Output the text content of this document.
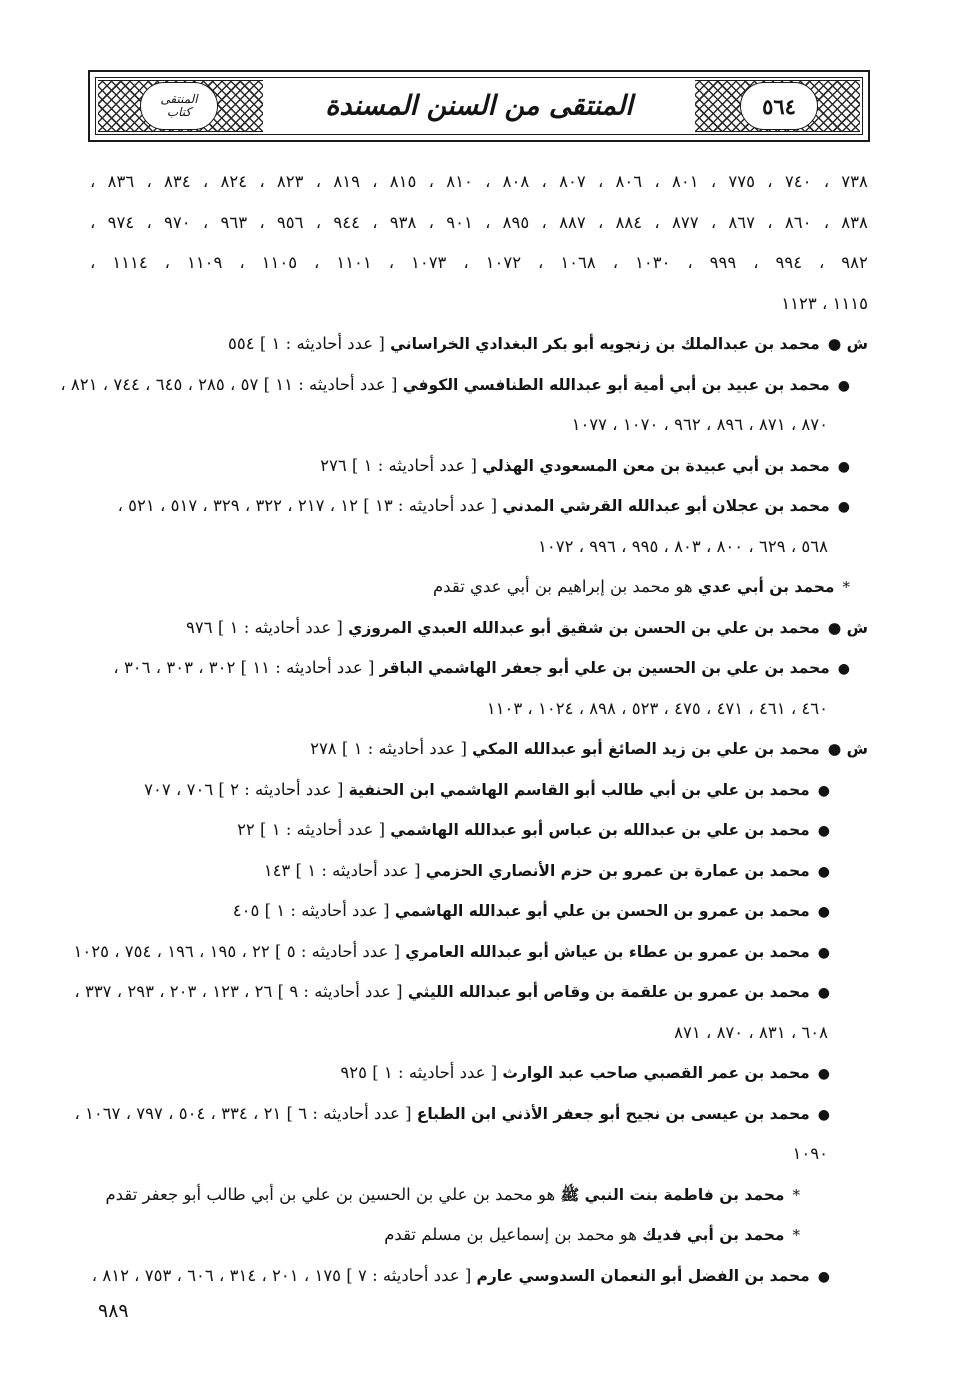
٥٦٤
المنتقى من السنن المسندة
المنتقى
كتاب
٧٣٨ ، ٧٤٠ ، ٧٧٥ ، ٨٠١ ، ٨٠٦ ، ٨٠٧ ، ٨٠٨ ، ٨١٠ ، ٨١٥ ، ٨١٩ ، ٨٢٣ ، ٨٢٤ ، ٨٣٤ ، ٨٣٦ ،
٨٣٨ ، ٨٦٠ ، ٨٦٧ ، ٨٧٧ ، ٨٨٤ ، ٨٨٧ ، ٨٩٥ ، ٩٠١ ، ٩٣٨ ، ٩٤٤ ، ٩٥٦ ، ٩٦٣ ، ٩٧٠ ، ٩٧٤ ،
٩٨٢ ، ٩٩٤ ، ٩٩٩ ، ١٠٣٠ ، ١٠٦٨ ، ١٠٧٢ ، ١٠٧٣ ، ١١٠١ ، ١١٠٥ ، ١١٠٩ ، ١١١٤ ،
١١١٥ ، ١١٢٣
ش ●محمد بن عبدالملك بن زنجويه أبو بكر البغدادي الخراساني [ عدد أحاديثه : ١ ] ٥٥٤
●محمد بن عبيد بن أبي أمية أبو عبدالله الطنافسي الكوفي [ عدد أحاديثه : ١١ ] ٥٧ ، ٢٨٥ ، ٦٤٥ ، ٧٤٤ ، ٨٢١ ،
٨٧٠ ، ٨٧١ ، ٨٩٦ ، ٩٦٢ ، ١٠٧٠ ، ١٠٧٧
●محمد بن أبي عبيدة بن معن المسعودي الهذلي [ عدد أحاديثه : ١ ] ٢٧٦
●محمد بن عجلان أبو عبدالله القرشي المدني [ عدد أحاديثه : ١٣ ] ١٢ ، ٢١٧ ، ٣٢٢ ، ٣٢٩ ، ٥١٧ ، ٥٢١ ،
٥٦٨ ، ٦٢٩ ، ٨٠٠ ، ٨٠٣ ، ٩٩٥ ، ٩٩٦ ، ١٠٧٢
*محمد بن أبي عدي هو محمد بن إبراهيم بن أبي عدي تقدم
ش ●محمد بن علي بن الحسن بن شقيق أبو عبدالله العبدي المروزي [ عدد أحاديثه : ١ ] ٩٧٦
●محمد بن علي بن الحسين بن علي أبو جعفر الهاشمي الباقر [ عدد أحاديثه : ١١ ] ٣٠٢ ، ٣٠٣ ، ٣٠٦ ،
٤٦٠ ، ٤٦١ ، ٤٧١ ، ٤٧٥ ، ٥٢٣ ، ٨٩٨ ، ١٠٢٤ ، ١١٠٣
ش ●محمد بن علي بن زيد الصائغ أبو عبدالله المكي [ عدد أحاديثه : ١ ] ٢٧٨
●محمد بن علي بن أبي طالب أبو القاسم الهاشمي ابن الحنفية [ عدد أحاديثه : ٢ ] ٧٠٦ ، ٧٠٧
●محمد بن علي بن عبدالله بن عباس أبو عبدالله الهاشمي [ عدد أحاديثه : ١ ] ٢٢
●محمد بن عمارة بن عمرو بن حزم الأنصاري الحزمي [ عدد أحاديثه : ١ ] ١٤٣
●محمد بن عمرو بن الحسن بن علي أبو عبدالله الهاشمي [ عدد أحاديثه : ١ ] ٤٠٥
●محمد بن عمرو بن عطاء بن عياش أبو عبدالله العامري [ عدد أحاديثه : ٥ ] ٢٢ ، ١٩٥ ، ١٩٦ ، ٧٥٤ ، ١٠٢٥
●محمد بن عمرو بن علقمة بن وقاص أبو عبدالله الليثي [ عدد أحاديثه : ٩ ] ٢٦ ، ١٢٣ ، ٢٠٣ ، ٢٩٣ ، ٣٣٧ ،
٦٠٨ ، ٨٣١ ، ٨٧٠ ، ٨٧١
●محمد بن عمر القصبي صاحب عبد الوارث [ عدد أحاديثه : ١ ] ٩٢٥
●محمد بن عيسى بن نجيح أبو جعفر الأذني ابن الطباع [ عدد أحاديثه : ٦ ] ٢١ ، ٣٣٤ ، ٥٠٤ ، ٧٩٧ ، ١٠٦٧ ،
١٠٩٠
*محمد بن فاطمة بنت النبي ﷺ هو محمد بن علي بن الحسين بن علي بن أبي طالب أبو جعفر تقدم
*محمد بن أبي فديك هو محمد بن إسماعيل بن مسلم تقدم
●محمد بن الفضل أبو النعمان السدوسي عارم [ عدد أحاديثه : ٧ ] ١٧٥ ، ٢٠١ ، ٣١٤ ، ٦٠٦ ، ٧٥٣ ، ٨١٢ ،
٩٨٩
